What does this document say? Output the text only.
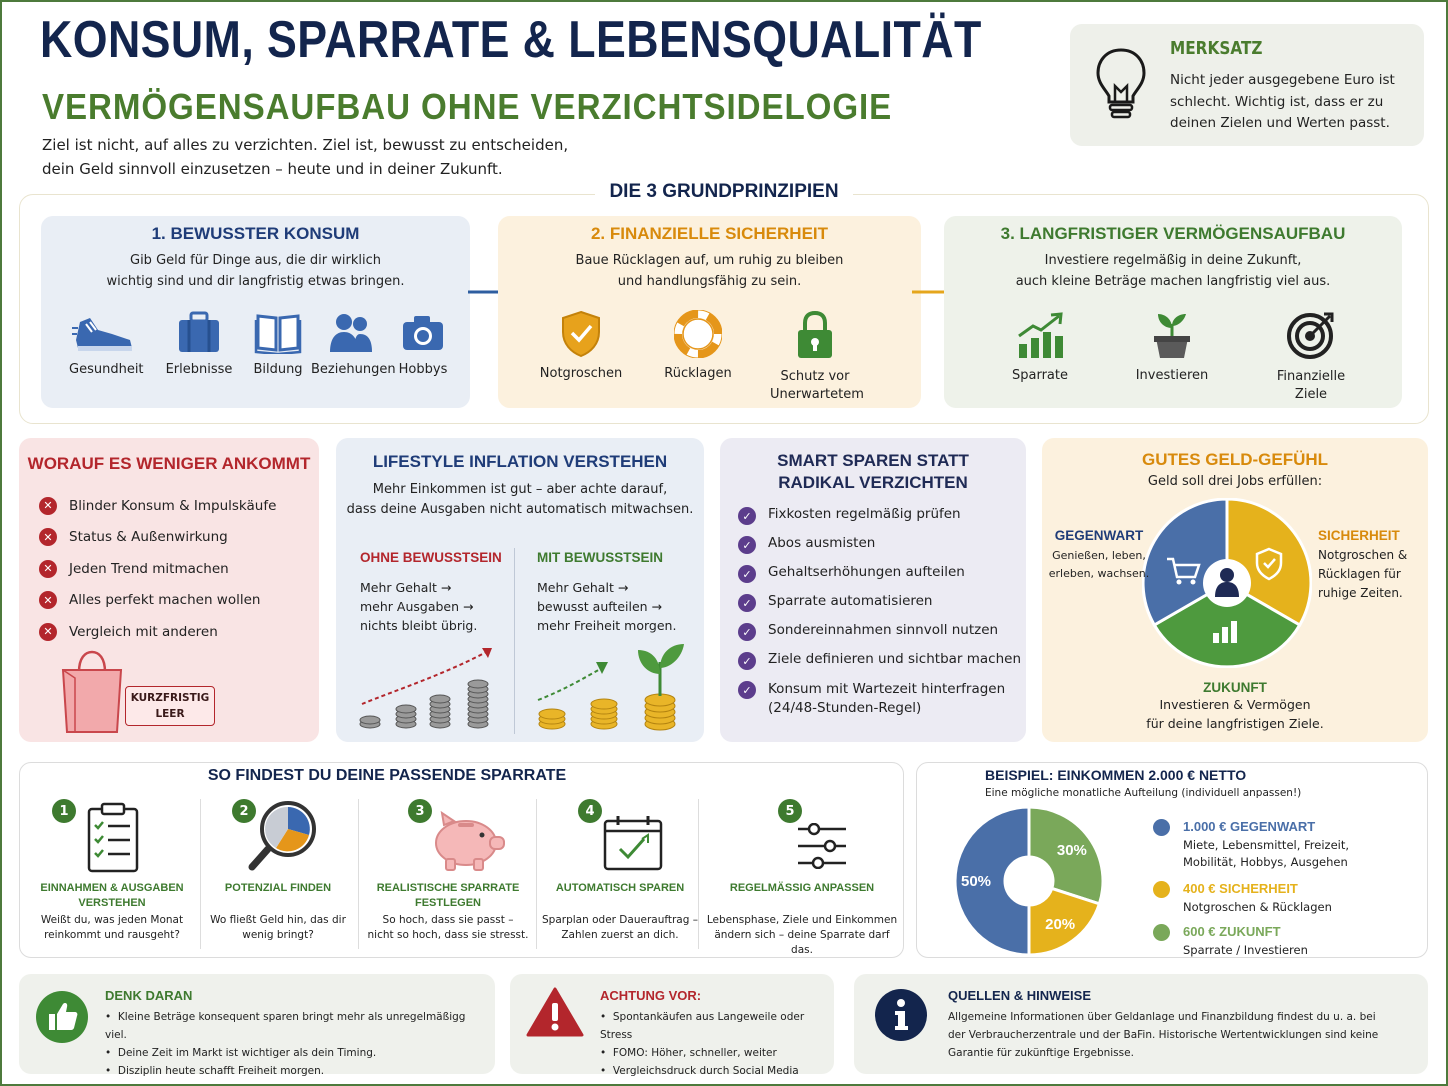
KONSUM, SPARRATE & LEBENSQUALITÄT
VERMÖGENSAUFBAU OHNE VERZICHTSIDELOGIE
Ziel ist nicht, auf alles zu verzichten. Ziel ist, bewusst zu entscheiden,
dein Geld sinnvoll einzusetzen – heute und in deiner Zukunft.
MERKSATZ
Nicht jeder ausgegebene Euro ist schlecht. Wichtig ist, dass er zu deinen Zielen und Werten passt.
DIE 3 GRUNDPRINZIPIEN
1. BEWUSSTER KONSUM
Gib Geld für Dinge aus, die dir wirklich
wichtig sind und dir langfristig etwas bringen.
Gesundheit	Erlebnisse	Bildung Beziehungen Hobbys
2. FINANZIELLE SICHERHEIT
Baue Rücklagen auf, um ruhig zu bleiben
und handlungsfähig zu sein.
Notgroschen	Rücklagen	Schutz vor Unerwartetem
3. LANGFRISTIGER VERMÖGENSAUFBAU
Investiere regelmäßig in deine Zukunft,
auch kleine Beträge machen langfristig viel aus.
Sparrate	Investieren	Finanzielle Ziele
WORAUF ES WENIGER ANKOMMT
✕	Blinder Konsum & Impulskäufe
✕	Status & Außenwirkung
✕	Jeden Trend mitmachen
✕	Alles perfekt machen wollen
✕	Vergleich mit anderen
KURZFRISTIG
LEER
LIFESTYLE INFLATION VERSTEHEN
Mehr Einkommen ist gut – aber achte darauf,
dass deine Ausgaben nicht automatisch mitwachsen.
OHNE BEWUSSTSEIN
Mehr Gehalt →
mehr Ausgaben →
nichts bleibt übrig.
MIT BEWUSSTSEIN
Mehr Gehalt →
bewusst aufteilen →
mehr Freiheit morgen.
SMART SPAREN STATT
RADIKAL VERZICHTEN
✓	Fixkosten regelmäßig prüfen
✓	Abos ausmisten
✓	Gehaltserhöhungen aufteilen
✓	Sparrate automatisieren
✓	Sondereinnahmen sinnvoll nutzen
✓	Ziele definieren und sichtbar machen
✓	Konsum mit Wartezeit hinterfragen
(24/48-Stunden-Regel)
GUTES GELD-GEFÜHL
Geld soll drei Jobs erfüllen:
GEGENWART
Genießen, leben,
erleben, wachsen.
SICHERHEIT
Notgroschen &
Rücklagen für
ruhige Zeiten.
ZUKUNFT
Investieren & Vermögen
für deine langfristigen Ziele.
SO FINDEST DU DEINE PASSENDE SPARRATE
1
EINNAHMEN & AUSGABEN
VERSTEHEN
Weißt du, was jeden Monat
reinkommt und rausgeht?
2
POTENZIAL FINDEN
Wo fließt Geld hin, das dir
wenig bringt?
3
REALISTISCHE SPARRATE
FESTLEGEN
So hoch, dass sie passt –
nicht so hoch, dass sie stresst.
4
AUTOMATISCH SPAREN
Sparplan oder Dauerauftrag –
Zahlen zuerst an dich.
5
REGELMÄSSIG ANPASSEN
Lebensphase, Ziele und Einkommen
ändern sich – deine Sparrate darf das.
BEISPIEL: EINKOMMEN 2.000 € NETTO
Eine mögliche monatliche Aufteilung (individuell anpassen!)
30%
20%
50%
1.000 € GEGENWART
Miete, Lebensmittel, Freizeit,
Mobilität, Hobbys, Ausgehen
400 € SICHERHEIT
Notgroschen & Rücklagen
600 € ZUKUNFT
Sparrate / Investieren
DENK DARAN
•  Kleine Beträge konsequent sparen bringt mehr als unregelmäßigg viel.
•  Deine Zeit im Markt ist wichtiger als dein Timing.
•  Disziplin heute schafft Freiheit morgen.
ACHTUNG VOR:
•  Spontankäufen aus Langeweile oder Stress
•  FOMO: Höher, schneller, weiter
•  Vergleichsdruck durch Social Media
QUELLEN & HINWEISE
Allgemeine Informationen über Geldanlage und Finanzbildung findest du u. a. bei
der Verbraucherzentrale und der BaFin. Historische Wertentwicklungen sind keine
Garantie für zukünftige Ergebnisse.
